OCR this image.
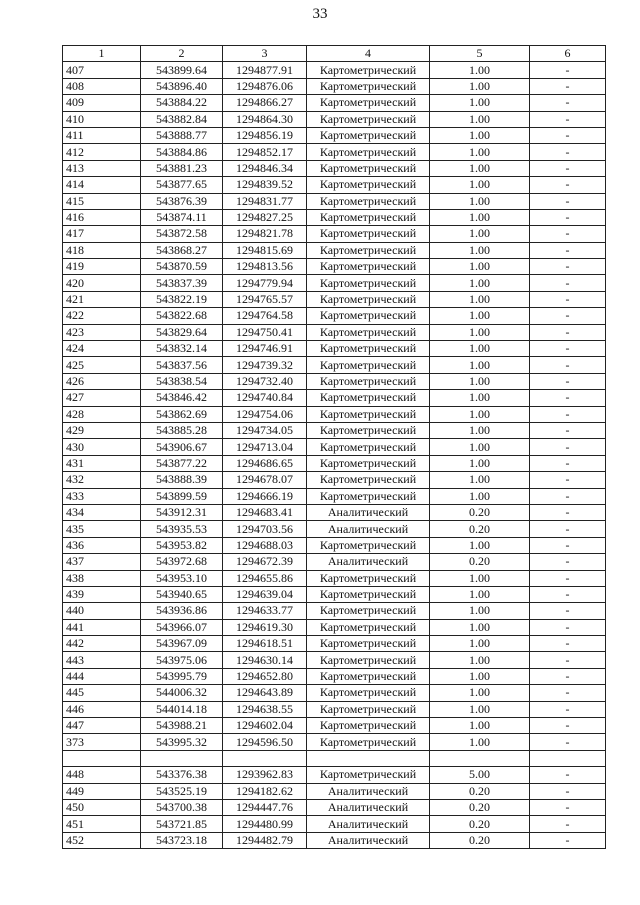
33
1	2	3	4	5	6
407	543899.64	1294877.91	Картометрический	1.00	-
408	543896.40	1294876.06	Картометрический	1.00	-
409	543884.22	1294866.27	Картометрический	1.00	-
410	543882.84	1294864.30	Картометрический	1.00	-
411	543888.77	1294856.19	Картометрический	1.00	-
412	543884.86	1294852.17	Картометрический	1.00	-
413	543881.23	1294846.34	Картометрический	1.00	-
414	543877.65	1294839.52	Картометрический	1.00	-
415	543876.39	1294831.77	Картометрический	1.00	-
416	543874.11	1294827.25	Картометрический	1.00	-
417	543872.58	1294821.78	Картометрический	1.00	-
418	543868.27	1294815.69	Картометрический	1.00	-
419	543870.59	1294813.56	Картометрический	1.00	-
420	543837.39	1294779.94	Картометрический	1.00	-
421	543822.19	1294765.57	Картометрический	1.00	-
422	543822.68	1294764.58	Картометрический	1.00	-
423	543829.64	1294750.41	Картометрический	1.00	-
424	543832.14	1294746.91	Картометрический	1.00	-
425	543837.56	1294739.32	Картометрический	1.00	-
426	543838.54	1294732.40	Картометрический	1.00	-
427	543846.42	1294740.84	Картометрический	1.00	-
428	543862.69	1294754.06	Картометрический	1.00	-
429	543885.28	1294734.05	Картометрический	1.00	-
430	543906.67	1294713.04	Картометрический	1.00	-
431	543877.22	1294686.65	Картометрический	1.00	-
432	543888.39	1294678.07	Картометрический	1.00	-
433	543899.59	1294666.19	Картометрический	1.00	-
434	543912.31	1294683.41	Аналитический	0.20	-
435	543935.53	1294703.56	Аналитический	0.20	-
436	543953.82	1294688.03	Картометрический	1.00	-
437	543972.68	1294672.39	Аналитический	0.20	-
438	543953.10	1294655.86	Картометрический	1.00	-
439	543940.65	1294639.04	Картометрический	1.00	-
440	543936.86	1294633.77	Картометрический	1.00	-
441	543966.07	1294619.30	Картометрический	1.00	-
442	543967.09	1294618.51	Картометрический	1.00	-
443	543975.06	1294630.14	Картометрический	1.00	-
444	543995.79	1294652.80	Картометрический	1.00	-
445	544006.32	1294643.89	Картометрический	1.00	-
446	544014.18	1294638.55	Картометрический	1.00	-
447	543988.21	1294602.04	Картометрический	1.00	-
373	543995.32	1294596.50	Картометрический	1.00	-

448	543376.38	1293962.83	Картометрический	5.00	-
449	543525.19	1294182.62	Аналитический	0.20	-
450	543700.38	1294447.76	Аналитический	0.20	-
451	543721.85	1294480.99	Аналитический	0.20	-
452	543723.18	1294482.79	Аналитический	0.20	-
